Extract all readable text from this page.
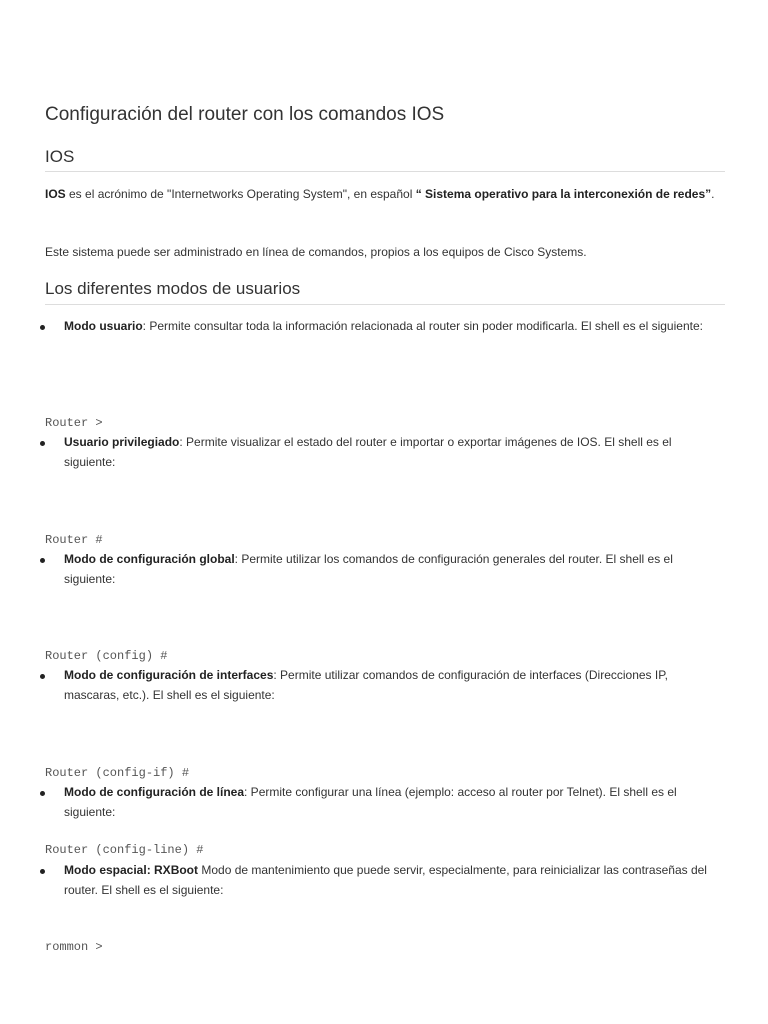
Configuración del router con los comandos IOS
IOS

IOS es el acrónimo de "Internetworks Operating System", en español “ Sistema operativo para la interconexión de redes”.

Este sistema puede ser administrado en línea de comandos, propios a los equipos de Cisco Systems.

Los diferentes modos de usuarios
Modo usuario: Permite consultar toda la información relacionada al router sin poder modificarla. El shell es el siguiente:
Router >
Usuario privilegiado: Permite visualizar el estado del router e importar o exportar imágenes de IOS. El shell es el siguiente:
Router #
Modo de configuración global: Permite utilizar los comandos de configuración generales del router. El shell es el siguiente:
Router (config) #
Modo de configuración de interfaces: Permite utilizar comandos de configuración de interfaces (Direcciones IP, mascaras, etc.). El shell es el siguiente:
Router (config-if) #
Modo de configuración de línea: Permite configurar una línea (ejemplo: acceso al router por Telnet). El shell es el siguiente:
Router (config-line) #
Modo espacial: RXBoot Modo de mantenimiento que puede servir, especialmente, para reinicializar las contraseñas del router. El shell es el siguiente:
rommon >
